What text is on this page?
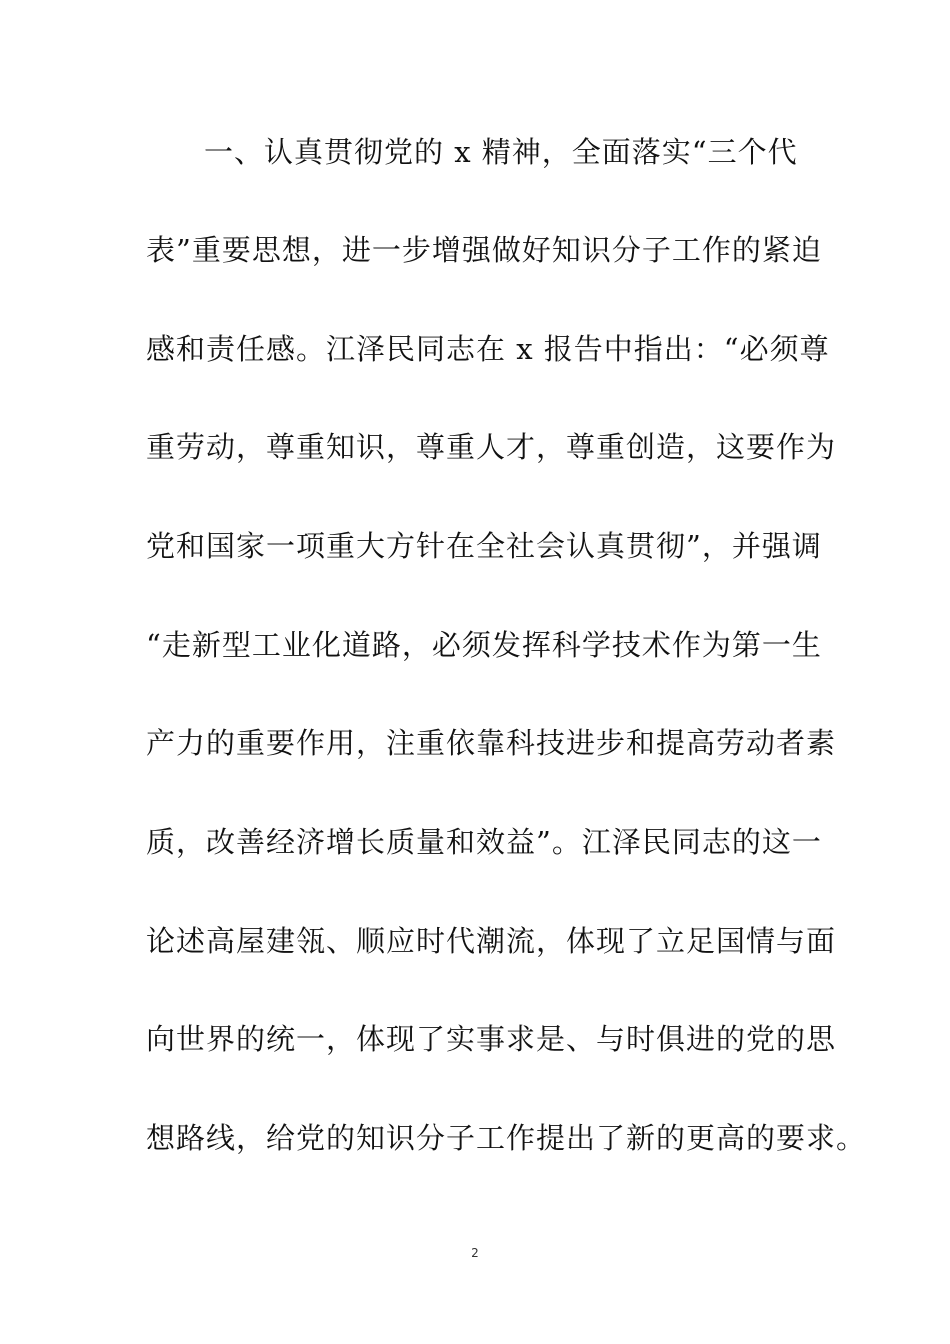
一、认真贯彻党的 x 精神，全面落实“三个代
表”重要思想，进一步增强做好知识分子工作的紧迫
感和责任感。江泽民同志在 x 报告中指出：“必须尊
重劳动，尊重知识，尊重人才，尊重创造，这要作为
党和国家一项重大方针在全社会认真贯彻”，并强调
“走新型工业化道路，必须发挥科学技术作为第一生
产力的重要作用，注重依靠科技进步和提高劳动者素
质，改善经济增长质量和效益”。江泽民同志的这一
论述高屋建瓴、顺应时代潮流，体现了立足国情与面
向世界的统一，体现了实事求是、与时俱进的党的思
想路线，给党的知识分子工作提出了新的更高的要求。
2
